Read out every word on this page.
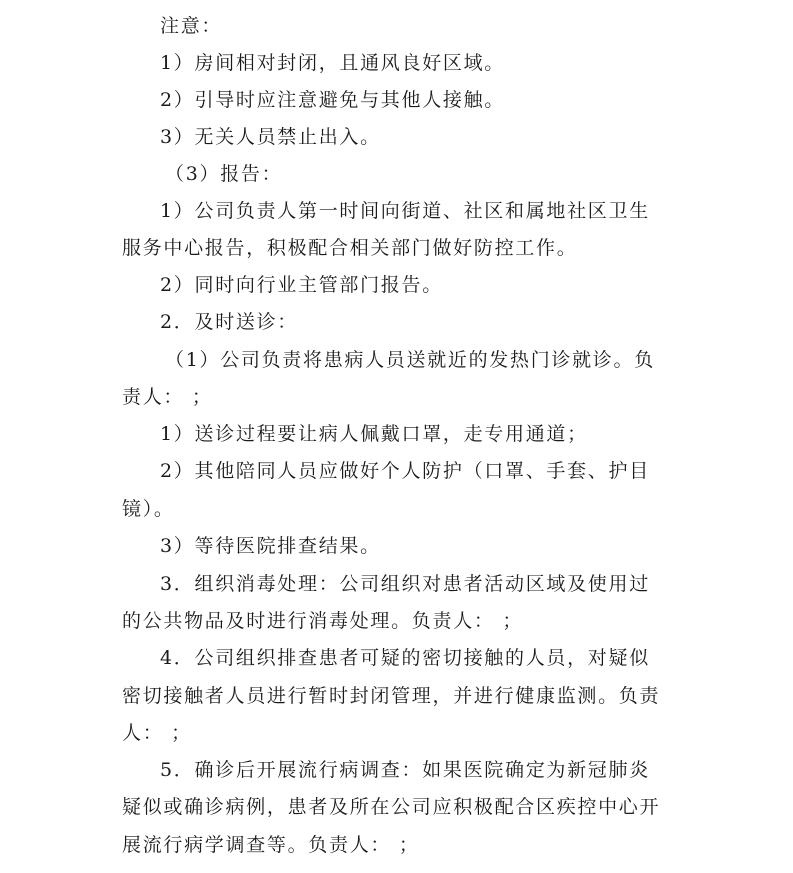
注意：
1）房间相对封闭，且通风良好区域。
2）引导时应注意避免与其他人接触。
3）无关人员禁止出入。
（3）报告：
1）公司负责人第一时间向街道、社区和属地社区卫生
服务中心报告，积极配合相关部门做好防控工作。
2）同时向行业主管部门报告。
2．及时送诊：
（1）公司负责将患病人员送就近的发热门诊就诊。负
责人： ；
1）送诊过程要让病人佩戴口罩，走专用通道；
2）其他陪同人员应做好个人防护（口罩、手套、护目
镜）。
3）等待医院排查结果。
3．组织消毒处理：公司组织对患者活动区域及使用过
的公共物品及时进行消毒处理。负责人： ；
4．公司组织排查患者可疑的密切接触的人员，对疑似
密切接触者人员进行暂时封闭管理，并进行健康监测。负责
人： ；
5．确诊后开展流行病调查：如果医院确定为新冠肺炎
疑似或确诊病例，患者及所在公司应积极配合区疾控中心开
展流行病学调查等。负责人： ；
